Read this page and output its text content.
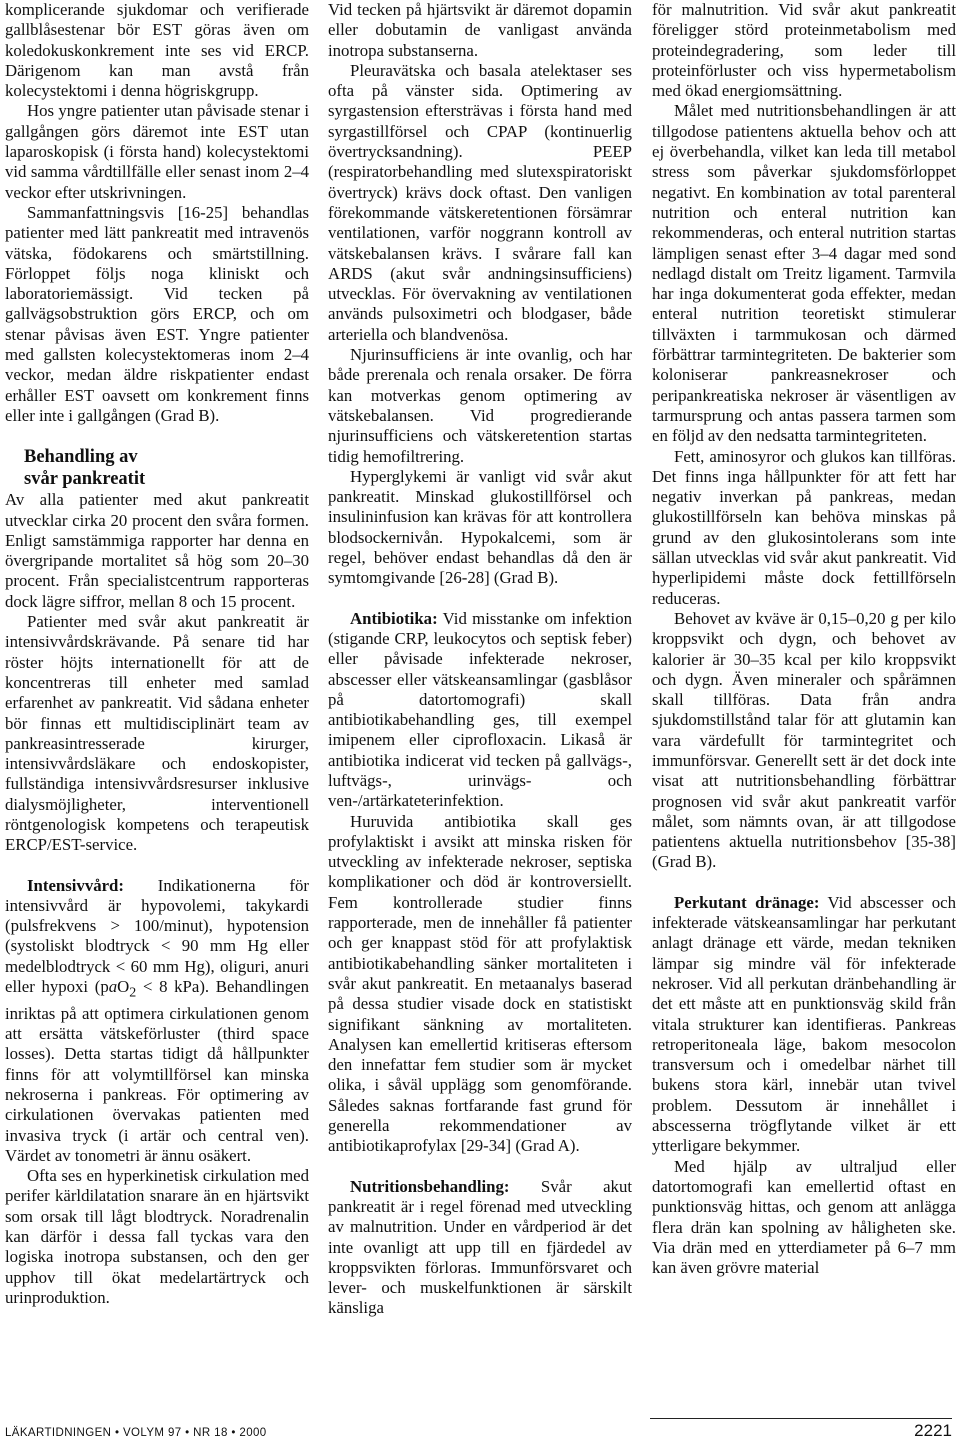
komplicerande sjukdomar och verifierade gallblåsestenar bör EST göras även om koledokuskonkrement inte ses vid ERCP. Därigenom kan man avstå från kolecystektomi i denna högriskgrupp.

Hos yngre patienter utan påvisade stenar i gallgången görs däremot inte EST utan laparoskopisk (i första hand) kolecystektomi vid samma vårdtillfälle eller senast inom 2–4 veckor efter utskrivningen.

Sammanfattningsvis [16-25] behandlas patienter med lätt pankreatit med intravenös vätska, födokarens och smärtstillning. Förloppet följs noga kliniskt och laboratoriemässigt. Vid tecken på gallvägsobstruktion görs ERCP, och om stenar påvisas även EST. Yngre patienter med gallsten kolecystektomeras inom 2–4 veckor, medan äldre riskpatienter endast erhåller EST oavsett om konkrement finns eller inte i gallgången (Grad B).

Behandling av
svår pankreatit

Av alla patienter med akut pankreatit utvecklar cirka 20 procent den svåra formen. Enligt samstämmiga rapporter har denna en övergripande mortalitet så hög som 20–30 procent. Från specialistcentrum rapporteras dock lägre siffror, mellan 8 och 15 procent.

Patienter med svår akut pankreatit är intensivvårdskrävande. På senare tid har röster höjts internationellt för att de koncentreras till enheter med samlad erfarenhet av pankreatit. Vid sådana enheter bör finnas ett multidisciplinärt team av pankreasintresserade kirurger, intensivvårdsläkare och endoskopister, fullständiga intensivvårdsresurser inklusive dialysmöjligheter, interventionell röntgenologisk kompetens och terapeutisk ERCP/EST-service.

Intensivvård: Indikationerna för intensivvård är hypovolemi, takykardi (pulsfrekvens > 100/minut), hypotension (systoliskt blodtryck < 90 mm Hg eller medelblodtryck < 60 mm Hg), oliguri, anuri eller hypoxi (paO$_2$ < 8 kPa). Behandlingen inriktas på att optimera cirkulationen genom att ersätta vätskeförluster (third space losses). Detta startas tidigt då hållpunkter finns för att volymtillförsel kan minska nekroserna i pankreas. För optimering av cirkulationen övervakas patienten med invasiva tryck (i artär och central ven). Värdet av tonometri är ännu osäkert.

Ofta ses en hyperkinetisk cirkulation med perifer kärldilatation snarare än en hjärtsvikt som orsak till lågt blodtryck. Noradrenalin kan därför i dessa fall tyckas vara den logiska inotropa substansen, och den ger upphov till ökat medelartärtryck och urinproduktion.

Vid tecken på hjärtsvikt är däremot dopamin eller dobutamin de vanligast använda inotropa substanserna.

Pleuravätska och basala atelektaser ses ofta på vänster sida. Optimering av syrgastension eftersträvas i första hand med syrgastillförsel och CPAP (kontinuerlig övertrycksandning). PEEP (respiratorbehandling med slutexspiratoriskt övertryck) krävs dock oftast. Den vanligen förekommande vätskeretentionen försämrar ventilationen, varför noggrann kontroll av vätskebalansen krävs. I svårare fall kan ARDS (akut svår andningsinsufficiens) utvecklas. För övervakning av ventilationen används pulsoximetri och blodgaser, både arteriella och blandvenösa.

Njurinsufficiens är inte ovanlig, och har både prerenala och renala orsaker. De förra kan motverkas genom optimering av vätskebalansen. Vid progredierande njurinsufficiens och vätskeretention startas tidig hemofiltrering.

Hyperglykemi är vanligt vid svår akut pankreatit. Minskad glukostillförsel och insulininfusion kan krävas för att kontrollera blodsockernivån. Hypokalcemi, som är regel, behöver endast behandlas då den är symtomgivande [26-28] (Grad B).

Antibiotika: Vid misstanke om infektion (stigande CRP, leukocytos och septisk feber) eller påvisade infekterade nekroser, abscesser eller vätskeansamlingar (gasblåsor på datortomografi) skall antibiotikabehandling ges, till exempel imipenem eller ciprofloxacin. Likaså är antibiotika indicerat vid tecken på gallvägs-, luftvägs-, urinvägs- och ven-/artärkateterinfektion.

Huruvida antibiotika skall ges profylaktiskt i avsikt att minska risken för utveckling av infekterade nekroser, septiska komplikationer och död är kontroversiellt. Fem kontrollerade studier finns rapporterade, men de innehåller få patienter och ger knappast stöd för att profylaktisk antibiotikabehandling sänker mortaliteten i svår akut pankreatit. En metaanalys baserad på dessa studier visade dock en statistiskt signifikant sänkning av mortaliteten. Analysen kan emellertid kritiseras eftersom den innefattar fem studier som är mycket olika, i såväl upplägg som genomförande. Således saknas fortfarande fast grund för generella rekommendationer av antibiotikaprofylax [29-34] (Grad A).

Nutritionsbehandling: Svår akut pankreatit är i regel förenad med utveckling av malnutrition. Under en vårdperiod är det inte ovanligt att upp till en fjärdedel av kroppsvikten förloras. Immunförsvaret och lever- och muskelfunktionen är särskilt känsliga

för malnutrition. Vid svår akut pankreatit föreligger störd proteinmetabolism med proteindegradering, som leder till proteinförluster och viss hypermetabolism med ökad energiomsättning.

Målet med nutritionsbehandlingen är att tillgodose patientens aktuella behov och att ej överbehandla, vilket kan leda till metabol stress som påverkar sjukdomsförloppet negativt. En kombination av total parenteral nutrition och enteral nutrition kan rekommenderas, och enteral nutrition startas lämpligen senast efter 3–4 dagar med sond nedlagd distalt om Treitz ligament. Tarmvila har inga dokumenterat goda effekter, medan enteral nutrition teoretiskt stimulerar tillväxten i tarmmukosan och därmed förbättrar tarmintegriteten. De bakterier som koloniserar pankreasnekroser och peripankreatiska nekroser är väsentligen av tarmursprung och antas passera tarmen som en följd av den nedsatta tarmintegriteten.

Fett, aminosyror och glukos kan tillföras. Det finns inga hållpunkter för att fett har negativ inverkan på pankreas, medan glukostillförseln kan behöva minskas på grund av den glukosintolerans som inte sällan utvecklas vid svår akut pankreatit. Vid hyperlipidemi måste dock fettillförseln reduceras.

Behovet av kväve är 0,15–0,20 g per kilo kroppsvikt och dygn, och behovet av kalorier är 30–35 kcal per kilo kroppsvikt och dygn. Även mineraler och spårämnen skall tillföras. Data från andra sjukdomstillstånd talar för att glutamin kan vara värdefullt för tarmintegritet och immunförsvar. Generellt sett är det dock inte visat att nutritionsbehandling förbättrar prognosen vid svår akut pankreatit varför målet, som nämnts ovan, är att tillgodose patientens aktuella nutritionsbehov [35-38] (Grad B).

Perkutant dränage: Vid abscesser och infekterade vätskeansamlingar har perkutant anlagt dränage ett värde, medan tekniken lämpar sig mindre väl för infekterade nekroser. Vid all perkutan dränbehandling är det ett måste att en punktionsväg skild från vitala strukturer kan identifieras. Pankreas retroperitoneala läge, bakom mesocolon transversum och i omedelbar närhet till bukens stora kärl, innebär utan tvivel problem. Dessutom är innehållet i abscesserna trögflytande vilket är ett ytterligare bekymmer.

Med hjälp av ultraljud eller datortomografi kan emellertid oftast en punktionsväg hittas, och genom att anlägga flera drän kan spolning av håligheten ske. Via drän med en ytterdiameter på 6–7 mm kan även grövre material

LÄKARTIDNINGEN • VOLYM 97 • NR 18 • 2000	2221
